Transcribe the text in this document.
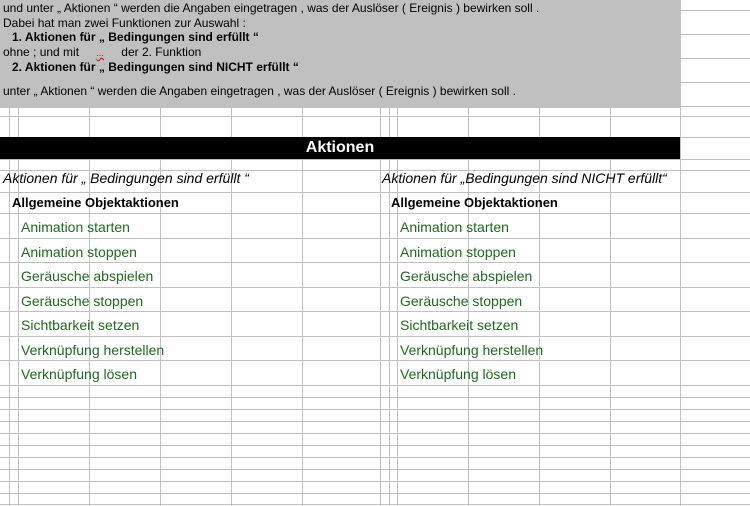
und unter „ Aktionen “ werden die Angaben eingetragen , was der Auslöser ( Ereignis ) bewirken soll .
Dabei hat man zwei Funktionen zur Auswahl :
1. Aktionen für „ Bedingungen sind erfüllt “
ohne ; und mit ... der 2. Funktion
2. Aktionen für „ Bedingungen sind NICHT erfüllt “
unter „ Aktionen “ werden die Angaben eingetragen , was der Auslöser ( Ereignis ) bewirken soll .
Aktionen
Aktionen für „ Bedingungen sind erfüllt “
Allgemeine Objektaktionen
Animation starten
Animation stoppen
Geräusche abspielen
Geräusche stoppen
Sichtbarkeit setzen
Verknüpfung herstellen
Verknüpfung lösen
Aktionen für „Bedingungen sind NICHT erfüllt“
Allgemeine Objektaktionen
Animation starten
Animation stoppen
Geräusche abspielen
Geräusche stoppen
Sichtbarkeit setzen
Verknüpfung herstellen
Verknüpfung lösen
